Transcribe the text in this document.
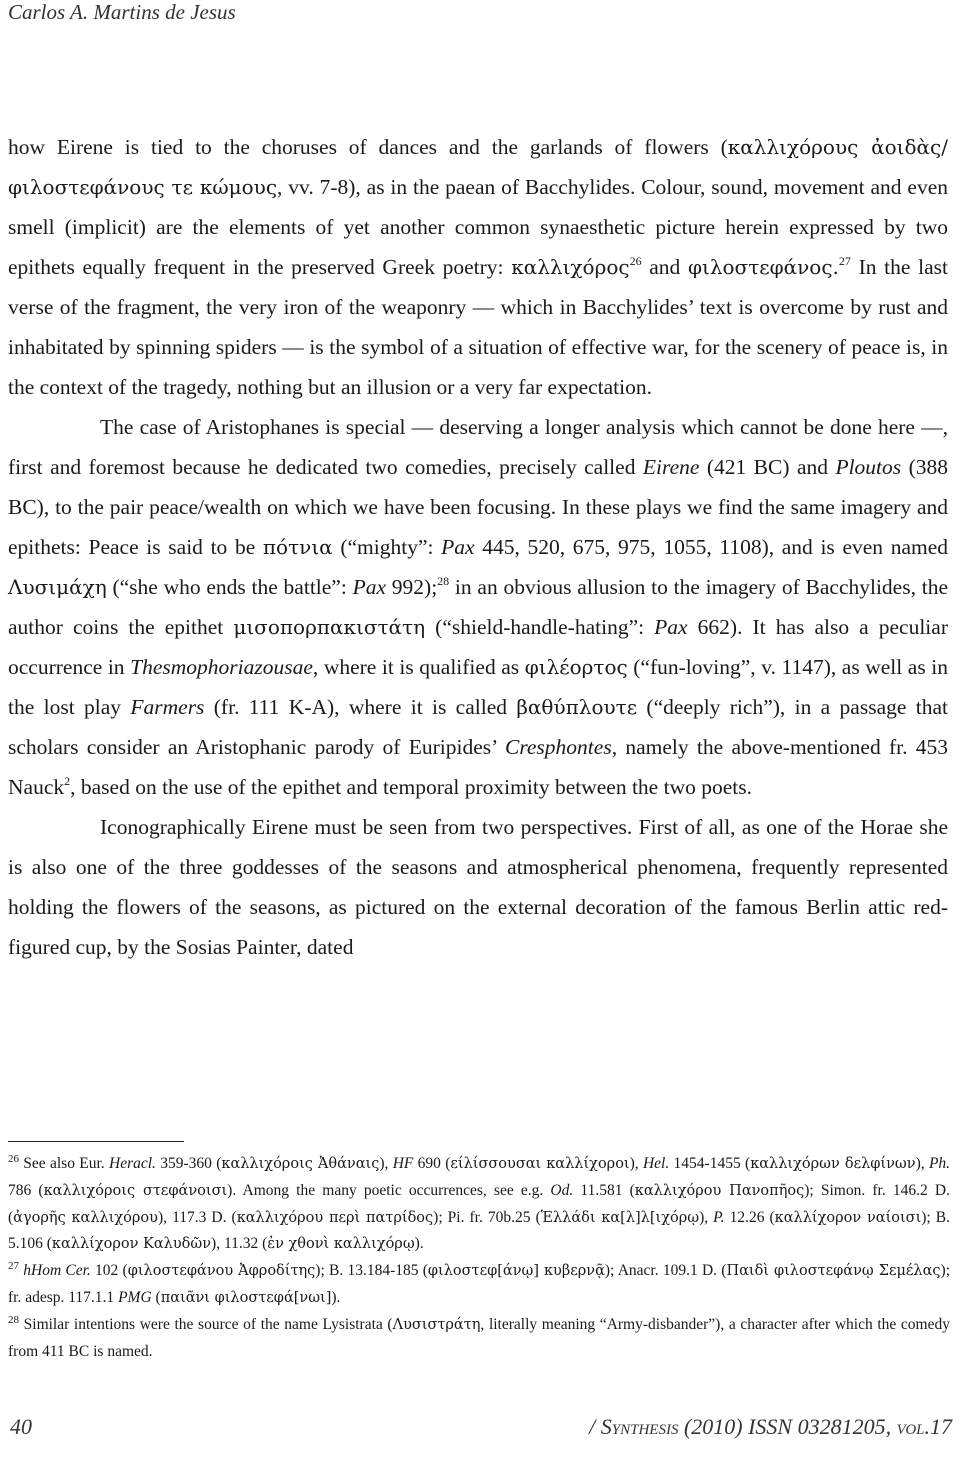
Carlos A. Martins de Jesus

how Eirene is tied to the choruses of dances and the garlands of flowers (καλλιχόρους ἀοιδὰς/ φιλοστεφάνους τε κώμους, vv. 7-8), as in the paean of Bacchylides. Colour, sound, movement and even smell (implicit) are the elements of yet another common synaesthetic picture herein expressed by two epithets equally frequent in the preserved Greek poetry: καλλιχόρος$^{26}$ and φιλοστεφάνος.$^{27}$ In the last verse of the fragment, the very iron of the weaponry — which in Bacchylides’ text is overcome by rust and inhabitated by spinning spiders — is the symbol of a situation of effective war, for the scenery of peace is, in the context of the tragedy, nothing but an illusion or a very far expectation.

The case of Aristophanes is special — deserving a longer analysis which cannot be done here —, first and foremost because he dedicated two comedies, precisely called Eirene (421 BC) and Ploutos (388 BC), to the pair peace/wealth on which we have been focusing. In these plays we find the same imagery and epithets: Peace is said to be πότνια (“mighty”: Pax 445, 520, 675, 975, 1055, 1108), and is even named Λυσιμάχη (“she who ends the battle”: Pax 992);$^{28}$ in an obvious allusion to the imagery of Bacchylides, the author coins the epithet μισοπορπακιστάτη (“shield-handle-hating”: Pax 662). It has also a peculiar occurrence in Thesmophoriazousae, where it is qualified as φιλέορτος (“fun-loving”, v. 1147), as well as in the lost play Farmers (fr. 111 K-A), where it is called βαθύπλουτε (“deeply rich”), in a passage that scholars consider an Aristophanic parody of Euripides’ Cresphontes, namely the above-mentioned fr. 453 Nauck$^2$, based on the use of the epithet and temporal proximity between the two poets.

Iconographically Eirene must be seen from two perspectives. First of all, as one of the Horae she is also one of the three goddesses of the seasons and atmospherical phenomena, frequently represented holding the flowers of the seasons, as pictured on the external decoration of the famous Berlin attic red-figured cup, by the Sosias Painter, dated

$^{26}$ See also Eur. Heracl. 359-360 (καλλιχόροις Ἀθάναις), HF 690 (είλίσσουσαι καλλίχοροι), Hel. 1454-1455 (καλλιχόρων δελφίνων), Ph. 786 (καλλιχόροις στεφάνοισι). Among the many poetic occurrences, see e.g. Od. 11.581 (καλλιχόρου Πανοπῆος); Simon. fr. 146.2 D. (ἀγορῆς καλλιχόρου), 117.3 D. (καλλιχόρου περὶ πατρίδος); Pi. fr. 70b.25 (Ἑλλάδι κα[λ]λ[ιχόρῳ), P. 12.26 (καλλίχορον ναίοισι); B. 5.106 (καλλίχορον Καλυδῶν), 11.32 (ἐν χθονὶ καλλιχόρῳ).

$^{27}$ hHom Cer. 102 (φιλοστεφάνου Ἀφροδίτης); B. 13.184-185 (φιλοστεφ[άνῳ] κυβερνᾷ); Anacr. 109.1 D. (Παιδὶ φιλοστεφάνῳ Σεμέλας); fr. adesp. 117.1.1 PMG (παιᾶνι φιλοστεφά[νωι]).

$^{28}$ Similar intentions were the source of the name Lysistrata (Λυσιστράτη, literally meaning “Army-disbander”), a character after which the comedy from 411 BC is named.

40	/ Synthesis (2010) ISSN 03281205, vol.17
